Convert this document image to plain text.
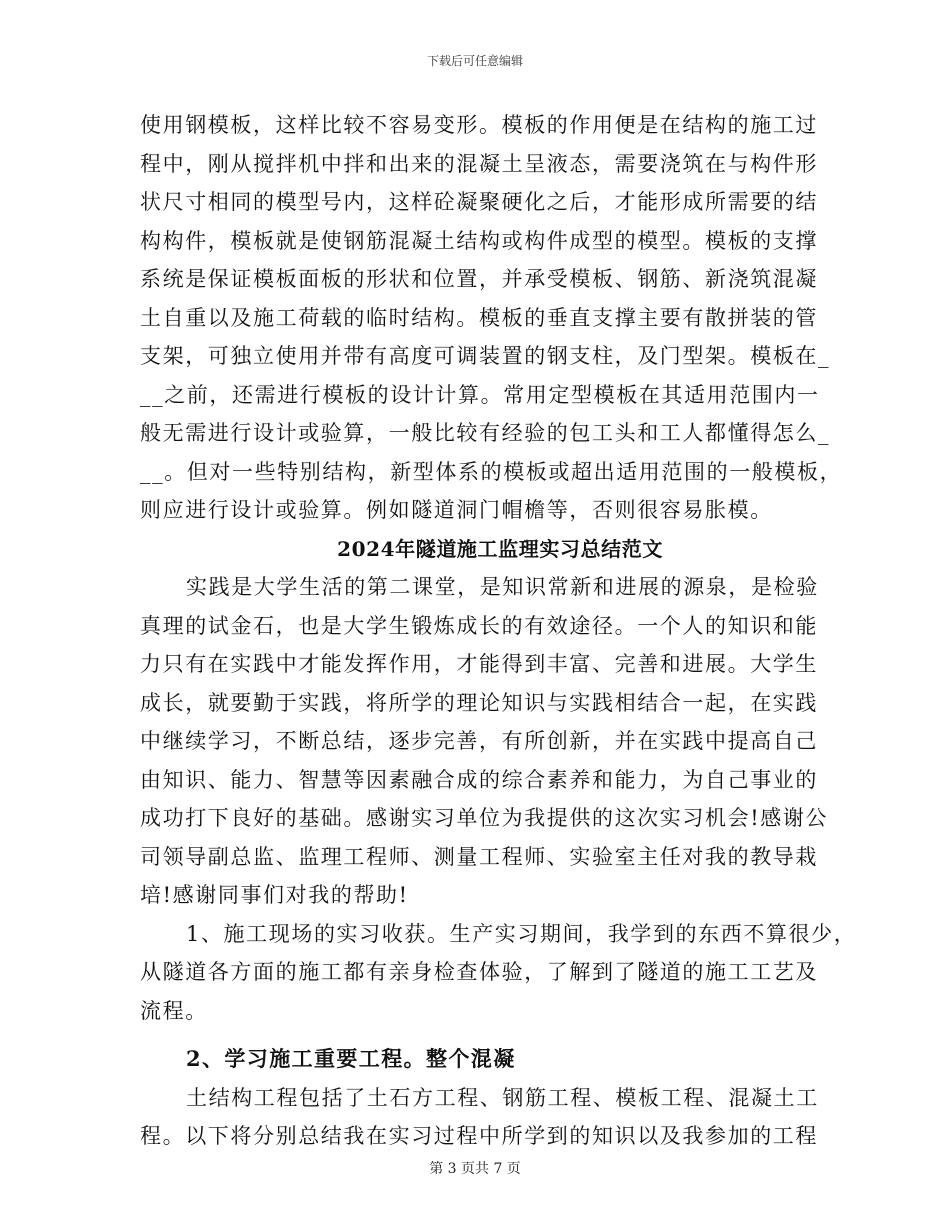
下载后可任意编辑
使用钢模板，这样比较不容易变形。模板的作用便是在结构的施工过
程中，刚从搅拌机中拌和出来的混凝土呈液态，需要浇筑在与构件形
状尺寸相同的模型号内，这样砼凝聚硬化之后，才能形成所需要的结
构构件，模板就是使钢筋混凝土结构或构件成型的模型。模板的支撑
系统是保证模板面板的形状和位置，并承受模板、钢筋、新浇筑混凝
土自重以及施工荷载的临时结构。模板的垂直支撑主要有散拼装的管
支架，可独立使用并带有高度可调装置的钢支柱，及门型架。模板在_
__之前，还需进行模板的设计计算。常用定型模板在其适用范围内一
般无需进行设计或验算，一般比较有经验的包工头和工人都懂得怎么_
__。但对一些特别结构，新型体系的模板或超出适用范围的一般模板，
则应进行设计或验算。例如隧道洞门帽檐等，否则很容易胀模。
2024年隧道施工监理实习总结范文
实践是大学生活的第二课堂，是知识常新和进展的源泉，是检验
真理的试金石，也是大学生锻炼成长的有效途径。一个人的知识和能
力只有在实践中才能发挥作用，才能得到丰富、完善和进展。大学生
成长，就要勤于实践，将所学的理论知识与实践相结合一起，在实践
中继续学习，不断总结，逐步完善，有所创新，并在实践中提高自己
由知识、能力、智慧等因素融合成的综合素养和能力，为自己事业的
成功打下良好的基础。感谢实习单位为我提供的这次实习机会!感谢公
司领导副总监、监理工程师、测量工程师、实验室主任对我的教导栽
培!感谢同事们对我的帮助!
1、施工现场的实习收获。生产实习期间，我学到的东西不算很少，
从隧道各方面的施工都有亲身检查体验，了解到了隧道的施工工艺及
流程。
2、学习施工重要工程。整个混凝
土结构工程包括了土石方工程、钢筋工程、模板工程、混凝土工
程。以下将分别总结我在实习过程中所学到的知识以及我参加的工程
第 3 页共 7 页
